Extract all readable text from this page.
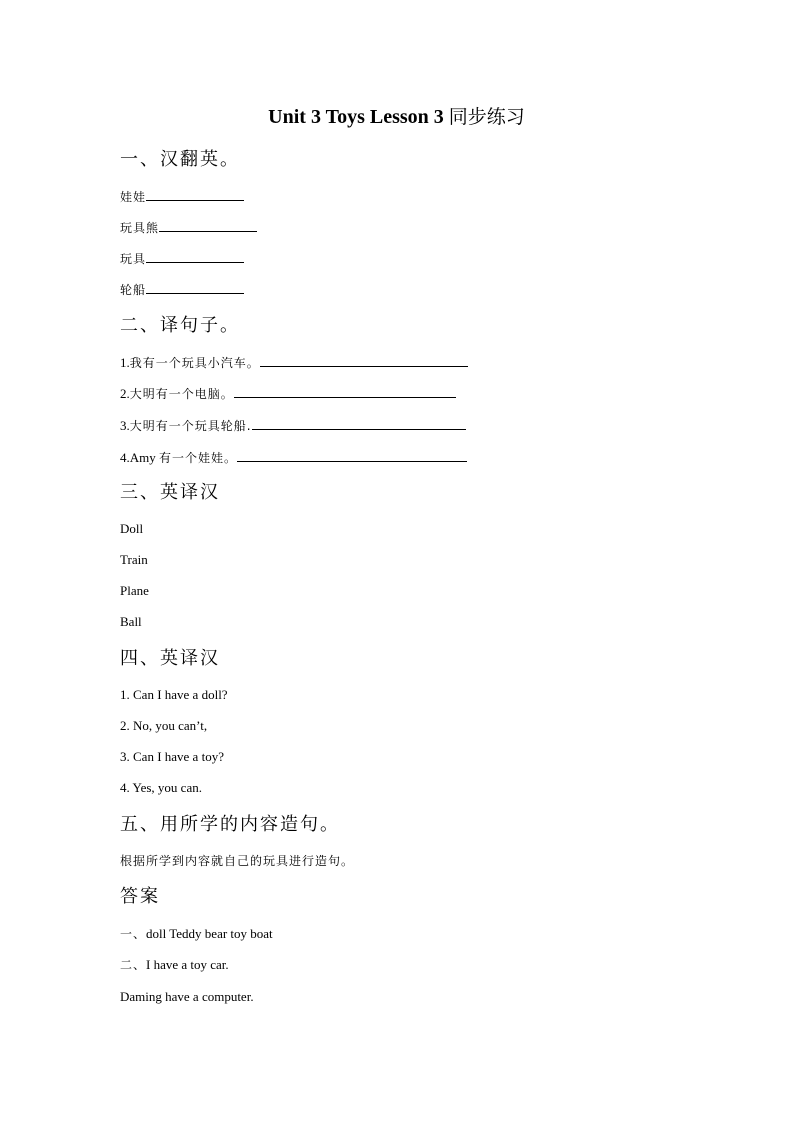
Unit 3 Toys Lesson 3 同步练习
一、汉翻英。
娃娃
玩具熊
玩具
轮船
二、译句子。
1.我有一个玩具小汽车。
2.大明有一个电脑。
3.大明有一个玩具轮船.
4.Amy 有一个娃娃。
三、英译汉
Doll
Train
Plane
Ball
四、英译汉
1. Can I have a doll?
2. No, you can’t,
3. Can I have a toy?
4. Yes, you can.
五、用所学的内容造句。
根据所学到内容就自己的玩具进行造句。
答案
一、doll Teddy bear toy boat
二、I have a toy car.
Daming have a computer.
